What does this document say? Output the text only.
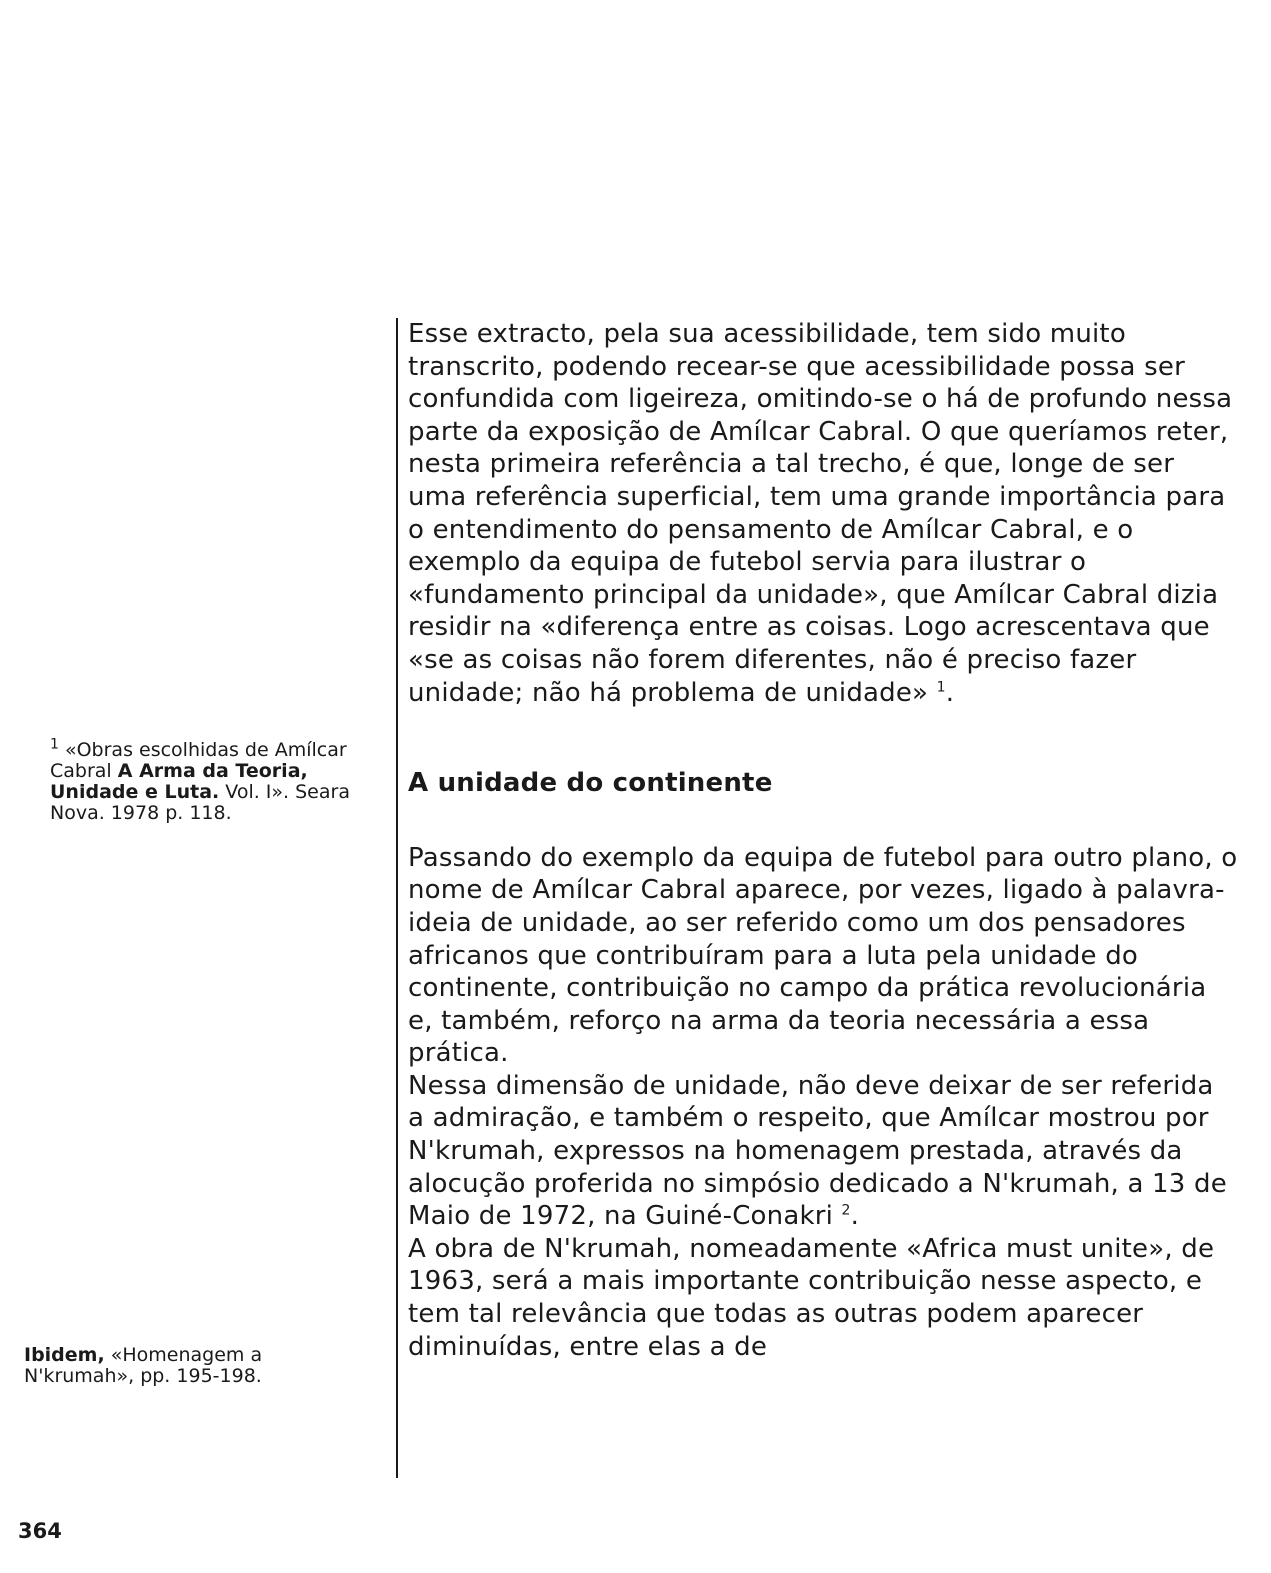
Esse extracto, pela sua acessibilidade, tem sido muito transcrito, podendo recear-se que acessibilidade possa ser confundida com ligeireza, omitindo-se o há de profundo nessa parte da exposição de Amílcar Cabral. O que queríamos reter, nesta primeira referência a tal trecho, é que, longe de ser uma referência superficial, tem uma grande importância para o entendimento do pensamento de Amílcar Cabral, e o exemplo da equipa de futebol servia para ilustrar o «fundamento principal da unidade», que Amílcar Cabral dizia residir na «diferença entre as coisas. Logo acrescentava que «se as coisas não forem diferentes, não é preciso fazer unidade; não há problema de unidade» $^1$.

A unidade do continente

Passando do exemplo da equipa de futebol para outro plano, o nome de Amílcar Cabral aparece, por vezes, ligado à palavra-ideia de unidade, ao ser referido como um dos pensadores africanos que contribuíram para a luta pela unidade do continente, contribuição no campo da prática revolucionária e, também, reforço na arma da teoria necessária a essa prática.

Nessa dimensão de unidade, não deve deixar de ser referida a admiração, e também o respeito, que Amílcar mostrou por N'krumah, expressos na homenagem prestada, através da alocução proferida no simpósio dedicado a N'krumah, a 13 de Maio de 1972, na Guiné-Conakri $^2$.

A obra de N'krumah, nomeadamente «Africa must unite», de 1963, será a mais importante contribuição nesse aspecto, e tem tal relevância que todas as outras podem aparecer diminuídas, entre elas a de

$^1$ «Obras escolhidas de Amílcar Cabral A Arma da Teoria, Unidade e Luta. Vol. I». Seara Nova. 1978 p. 118.
Ibidem, «Homenagem a N'krumah», pp. 195-198.
364
